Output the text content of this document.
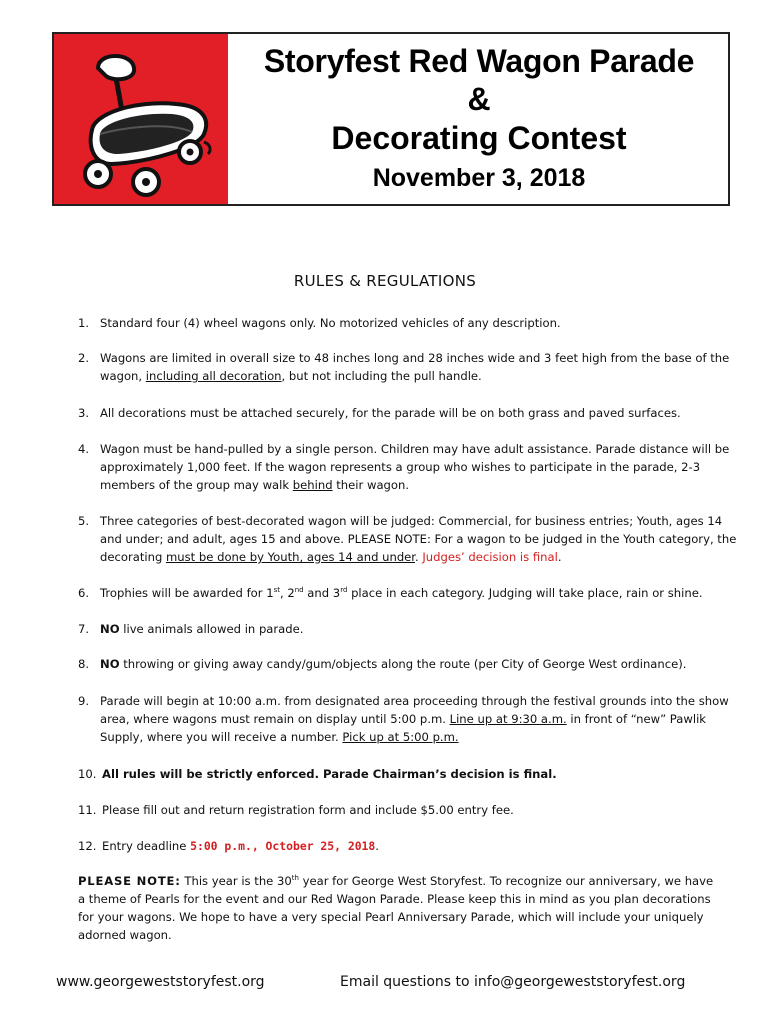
Storyfest Red Wagon Parade
&
Decorating Contest
November 3, 2018
RULES & REGULATIONS
1. Standard four (4) wheel wagons only. No motorized vehicles of any description.
2. Wagons are limited in overall size to 48 inches long and 28 inches wide and 3 feet high from the base of the wagon, including all decoration, but not including the pull handle.
3. All decorations must be attached securely, for the parade will be on both grass and paved surfaces.
4. Wagon must be hand-pulled by a single person. Children may have adult assistance. Parade distance will be approximately 1,000 feet. If the wagon represents a group who wishes to participate in the parade, 2-3 members of the group may walk behind their wagon.
5. Three categories of best-decorated wagon will be judged: Commercial, for business entries; Youth, ages 14 and under; and adult, ages 15 and above. PLEASE NOTE: For a wagon to be judged in the Youth category, the decorating must be done by Youth, ages 14 and under. Judges’ decision is final.
6. Trophies will be awarded for 1st, 2nd and 3rd place in each category. Judging will take place, rain or shine.
7. NO live animals allowed in parade.
8. NO throwing or giving away candy/gum/objects along the route (per City of George West ordinance).
9. Parade will begin at 10:00 a.m. from designated area proceeding through the festival grounds into the show area, where wagons must remain on display until 5:00 p.m. Line up at 9:30 a.m. in front of “new” Pawlik Supply, where you will receive a number. Pick up at 5:00 p.m.
10. All rules will be strictly enforced. Parade Chairman’s decision is final.
11. Please fill out and return registration form and include $5.00 entry fee.
12. Entry deadline 5:00 p.m., October 25, 2018.
PLEASE NOTE: This year is the 30th year for George West Storyfest. To recognize our anniversary, we have a theme of Pearls for the event and our Red Wagon Parade. Please keep this in mind as you plan decorations for your wagons. We hope to have a very special Pearl Anniversary Parade, which will include your uniquely adorned wagon.
www.georgeweststoryfest.org	Email questions to info@georgeweststoryfest.org
